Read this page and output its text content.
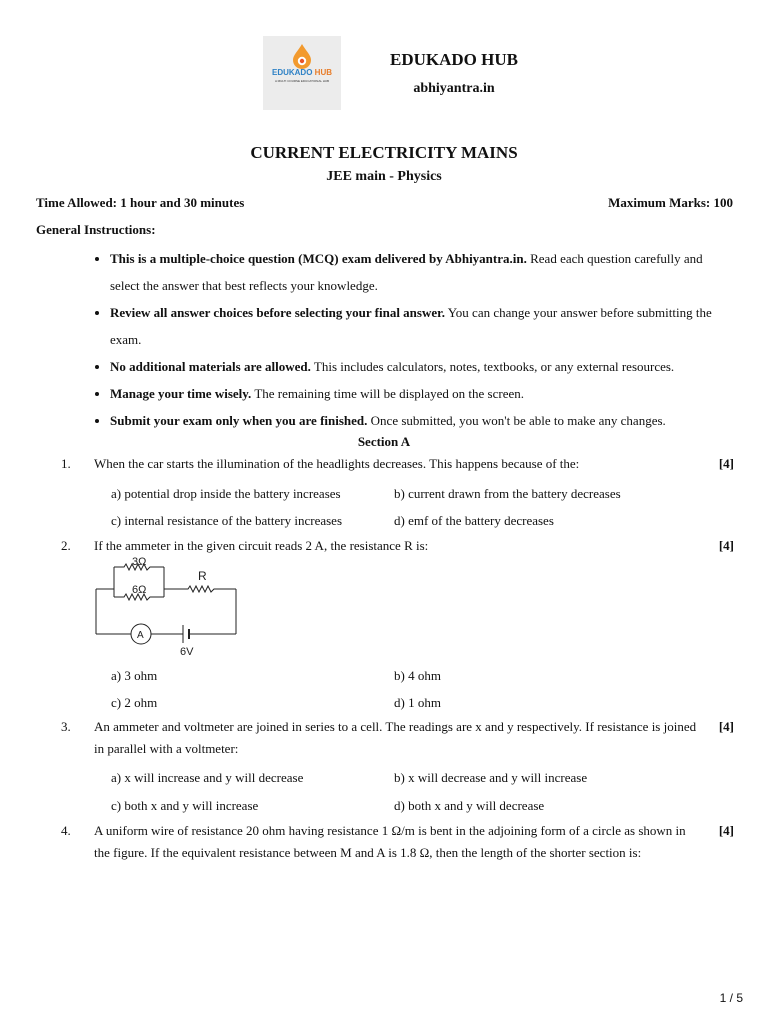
EDUKADO HUB
A MULTI COURSE EDUCATIONAL HUB
EDUKADO HUB
abhiyantra.in
CURRENT ELECTRICITY MAINS
JEE main - Physics
Time Allowed: 1 hour and 30 minutes	Maximum Marks: 100
General Instructions:
• This is a multiple-choice question (MCQ) exam delivered by Abhiyantra.in. Read each question carefully and select the answer that best reflects your knowledge.
• Review all answer choices before selecting your final answer. You can change your answer before submitting the exam.
• No additional materials are allowed. This includes calculators, notes, textbooks, or any external resources.
• Manage your time wisely. The remaining time will be displayed on the screen.
• Submit your exam only when you are finished. Once submitted, you won't be able to make any changes.
Section A
1. When the car starts the illumination of the headlights decreases. This happens because of the:	[4]
a) potential drop inside the battery increases	b) current drawn from the battery decreases
c) internal resistance of the battery increases	d) emf of the battery decreases
2. If the ammeter in the given circuit reads 2 A, the resistance R is:	[4]
3Ω
6Ω
R
A
6V
a) 3 ohm	b) 4 ohm
c) 2 ohm	d) 1 ohm
3. An ammeter and voltmeter are joined in series to a cell. The readings are x and y respectively. If resistance is joined in parallel with a voltmeter:
[4]
a) x will increase and y will decrease	b) x will decrease and y will increase
c) both x and y will increase	d) both x and y will decrease
4. A uniform wire of resistance 20 ohm having resistance 1 Ω/m is bent in the adjoining form of a circle as shown in the figure. If the equivalent resistance between M and A is 1.8 Ω, then the length of the shorter section is:
[4]
1 / 5
